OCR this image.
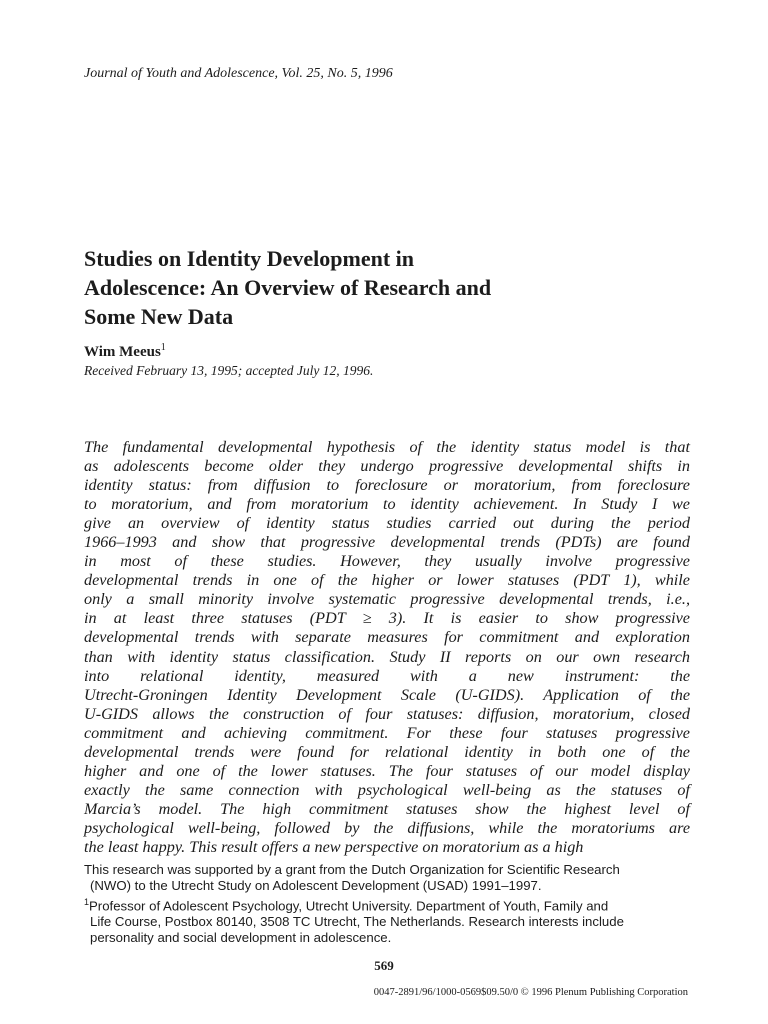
Journal of Youth and Adolescence, Vol. 25, No. 5, 1996
Studies on Identity Development in
Adolescence: An Overview of Research and
Some New Data
Wim Meeus$^1$
Received February 13, 1995; accepted July 12, 1996.
The fundamental developmental hypothesis of the identity status model is that
as adolescents become older they undergo progressive developmental shifts in
identity status: from diffusion to foreclosure or moratorium, from foreclosure
to moratorium, and from moratorium to identity achievement. In Study I we
give an overview of identity status studies carried out during the period
1966–1993 and show that progressive developmental trends (PDTs) are found
in most of these studies. However, they usually involve progressive
developmental trends in one of the higher or lower statuses (PDT 1), while
only a small minority involve systematic progressive developmental trends, i.e.,
in at least three statuses (PDT ≥ 3). It is easier to show progressive
developmental trends with separate measures for commitment and exploration
than with identity status classification. Study II reports on our own research
into relational identity, measured with a new instrument: the
Utrecht-Groningen Identity Development Scale (U-GIDS). Application of the
U-GIDS allows the construction of four statuses: diffusion, moratorium, closed
commitment and achieving commitment. For these four statuses progressive
developmental trends were found for relational identity in both one of the
higher and one of the lower statuses. The four statuses of our model display
exactly the same connection with psychological well-being as the statuses of
Marcia’s model. The high commitment statuses show the highest level of
psychological well-being, followed by the diffusions, while the moratoriums are
the least happy. This result offers a new perspective on moratorium as a high
This research was supported by a grant from the Dutch Organization for Scientific Research
(NWO) to the Utrecht Study on Adolescent Development (USAD) 1991–1997.
$^1$Professor of Adolescent Psychology, Utrecht University. Department of Youth, Family and
Life Course, Postbox 80140, 3508 TC Utrecht, The Netherlands. Research interests include
personality and social development in adolescence.
569
0047-2891/96/1000-0569$09.50/0 © 1996 Plenum Publishing Corporation
